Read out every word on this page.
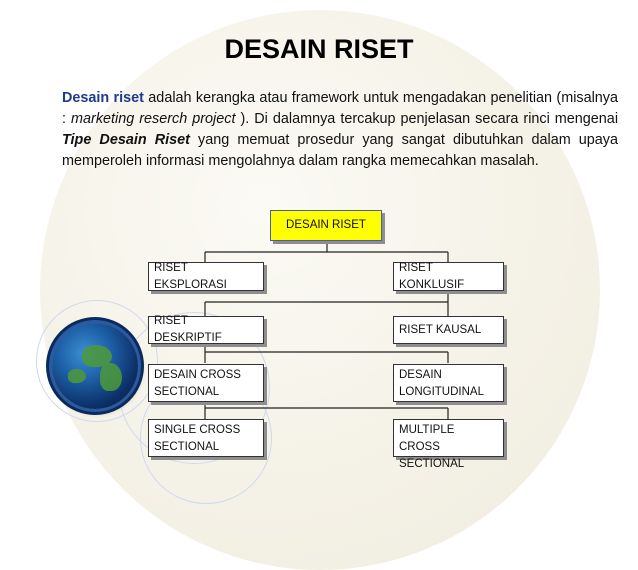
DESAIN RISET
Desain riset adalah kerangka atau framework untuk mengadakan penelitian (misalnya : marketing reserch project ). Di dalamnya tercakup penjelasan secara rinci mengenai Tipe Desain Riset yang memuat prosedur yang sangat dibutuhkan dalam upaya memperoleh informasi mengolahnya dalam rangka memecahkan masalah.
DESAIN RISET
RISET EKSPLORASI
RISET KONKLUSIF
RISET DESKRIPTIF
RISET KAUSAL
DESAIN CROSS SECTIONAL
DESAIN LONGITUDINAL
SINGLE CROSS SECTIONAL
MULTIPLE CROSS SECTIONAL
